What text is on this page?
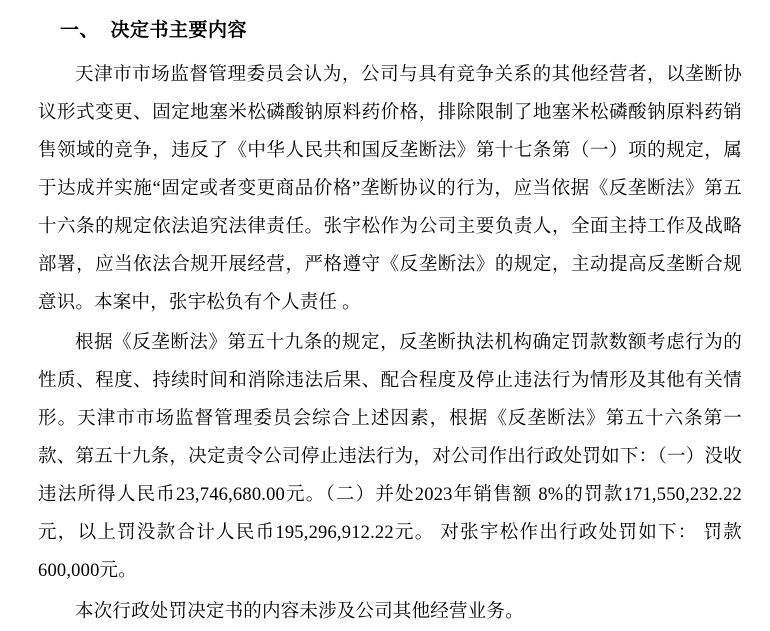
一、  决定书主要内容

天津市市场监督管理委员会认为，公司与具有竞争关系的其他经营者，以垄断协议形式变更、固定地塞米松磷酸钠原料药价格，排除限制了地塞米松磷酸钠原料药销售领域的竞争，违反了《中华人民共和国反垄断法》第十七条第（一）项的规定，属于达成并实施“固定或者变更商品价格”垄断协议的行为，应当依据《反垄断法》第五十六条的规定依法追究法律责任。张宇松作为公司主要负责人，全面主持工作及战略部署，应当依法合规开展经营，严格遵守《反垄断法》的规定，主动提高反垄断合规意识。本案中，张宇松负有个人责任 。

根据《反垄断法》第五十九条的规定，反垄断执法机构确定罚款数额考虑行为的性质、程度、持续时间和消除违法后果、配合程度及停止违法行为情形及其他有关情形。天津市市场监督管理委员会综合上述因素，根据《反垄断法》第五十六条第一款、第五十九条，决定责令公司停止违法行为，对公司作出行政处罚如下：（一）没收违法所得人民币23,746,680.00元。（二）并处2023年销售额 8%的罚款171,550,232.22 元，以上罚没款合计人民币195,296,912.22元。 对张宇松作出行政处罚如下： 罚款600,000元。

本次行政处罚决定书的内容未涉及公司其他经营业务。
